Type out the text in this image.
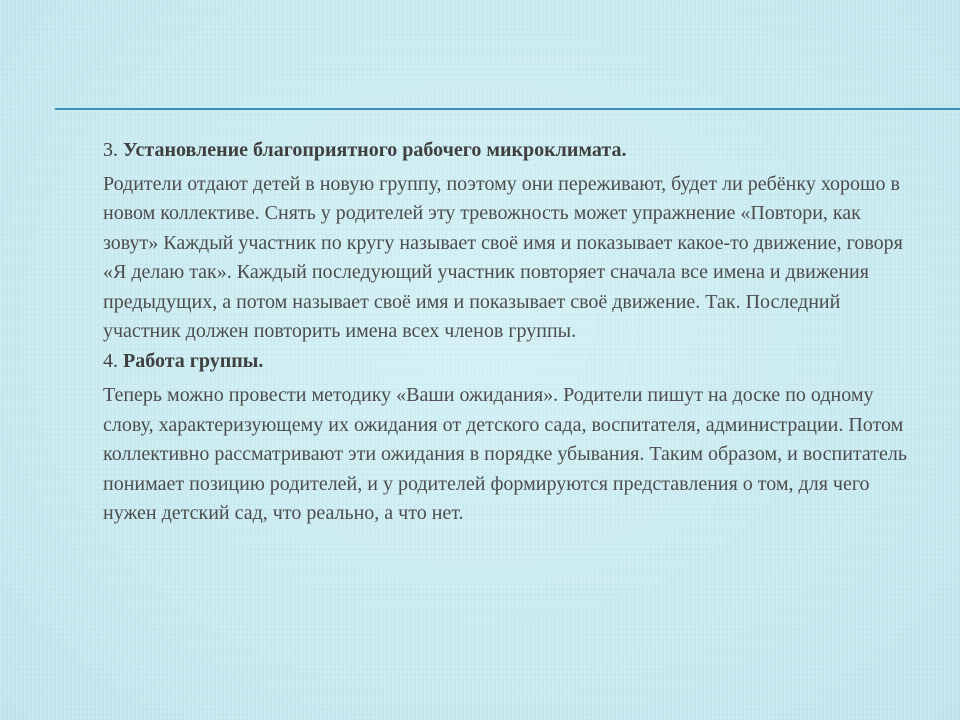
3. Установление благоприятного рабочего микроклимата.

Родители отдают детей в новую группу, поэтому они переживают, будет ли ребёнку хорошо в новом коллективе. Снять у родителей эту тревожность может упражнение «Повтори, как зовут» Каждый участник по кругу называет своё имя и показывает какое-то движение, говоря «Я делаю так». Каждый последующий участник повторяет сначала все имена и движения предыдущих, а потом называет своё имя и показывает своё движение. Так. Последний участник должен повторить имена всех членов группы.

4. Работа группы.

Теперь можно провести методику «Ваши ожидания». Родители пишут на доске по одному слову, характеризующему их ожидания от детского сада, воспитателя, администрации. Потом коллективно рассматривают эти ожидания в порядке убывания. Таким образом, и воспитатель понимает позицию родителей, и у родителей формируются представления о том, для чего нужен детский сад, что реально, а что нет.
